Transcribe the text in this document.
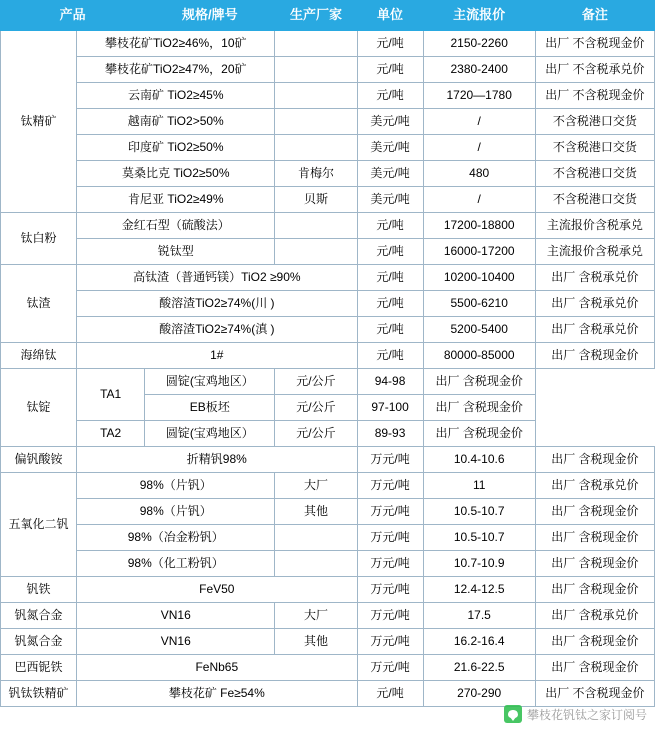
产品		规格/牌号	生产厂家	单位	主流报价	备注
钛精矿	攀枝花矿TiO2≥46%，10矿			元/吨	2150-2260	出厂 不含税现金价
	攀枝花矿TiO2≥47%，20矿			元/吨	2380-2400	出厂 不含税承兑价
	云南矿 TiO2≥45%			元/吨	1720—1780	出厂 不含税现金价
	越南矿 TiO2>50%			美元/吨	/	不含税港口交货
	印度矿 TiO2≥50%			美元/吨	/	不含税港口交货
	莫桑比克 TiO2≥50%		肯梅尔	美元/吨	480	不含税港口交货
	肯尼亚 TiO2≥49%		贝斯	美元/吨	/	不含税港口交货
钛白粉	金红石型（硫酸法）			元/吨	17200-18800	主流报价含税承兑
	锐钛型			元/吨	16000-17200	主流报价含税承兑
钛渣	高钛渣（普通钙镁）TiO2 ≥90%			元/吨	10200-10400	出厂 含税承兑价
	酸溶渣TiO2≥74%(川 )			元/吨	5500-6210	出厂 含税承兑价
	酸溶渣TiO2≥74%(滇 )			元/吨	5200-5400	出厂 含税承兑价
海绵钛	1#			元/吨	80000-85000	出厂 含税现金价
钛锭	TA1	圆锭(宝鸡地区）	元/公斤	94-98	出厂 含税现金价	
		EB板坯	元/公斤	97-100	出厂 含税现金价	
	TA2	圆锭(宝鸡地区）	元/公斤	89-93	出厂 含税现金价	
偏钒酸铵	折精钒98%			万元/吨	10.4-10.6	出厂 含税现金价
五氧化二钒	98%（片钒）		大厂	万元/吨	11	出厂 含税承兑价
	98%（片钒）		其他	万元/吨	10.5-10.7	出厂 含税现金价
	98%（冶金粉钒）			万元/吨	10.5-10.7	出厂 含税现金价
	98%（化工粉钒）			万元/吨	10.7-10.9	出厂 含税现金价
钒铁	FeV50			万元/吨	12.4-12.5	出厂 含税现金价
钒氮合金	VN16		大厂	万元/吨	17.5	出厂 含税承兑价
钒氮合金	VN16		其他	万元/吨	16.2-16.4	出厂 含税现金价
巴西铌铁	FeNb65			万元/吨	21.6-22.5	出厂 含税现金价
钒钛铁精矿	攀枝花矿 Fe≥54%			元/吨	270-290	出厂 不含税现金价
攀枝花钒钛之家订阅号
